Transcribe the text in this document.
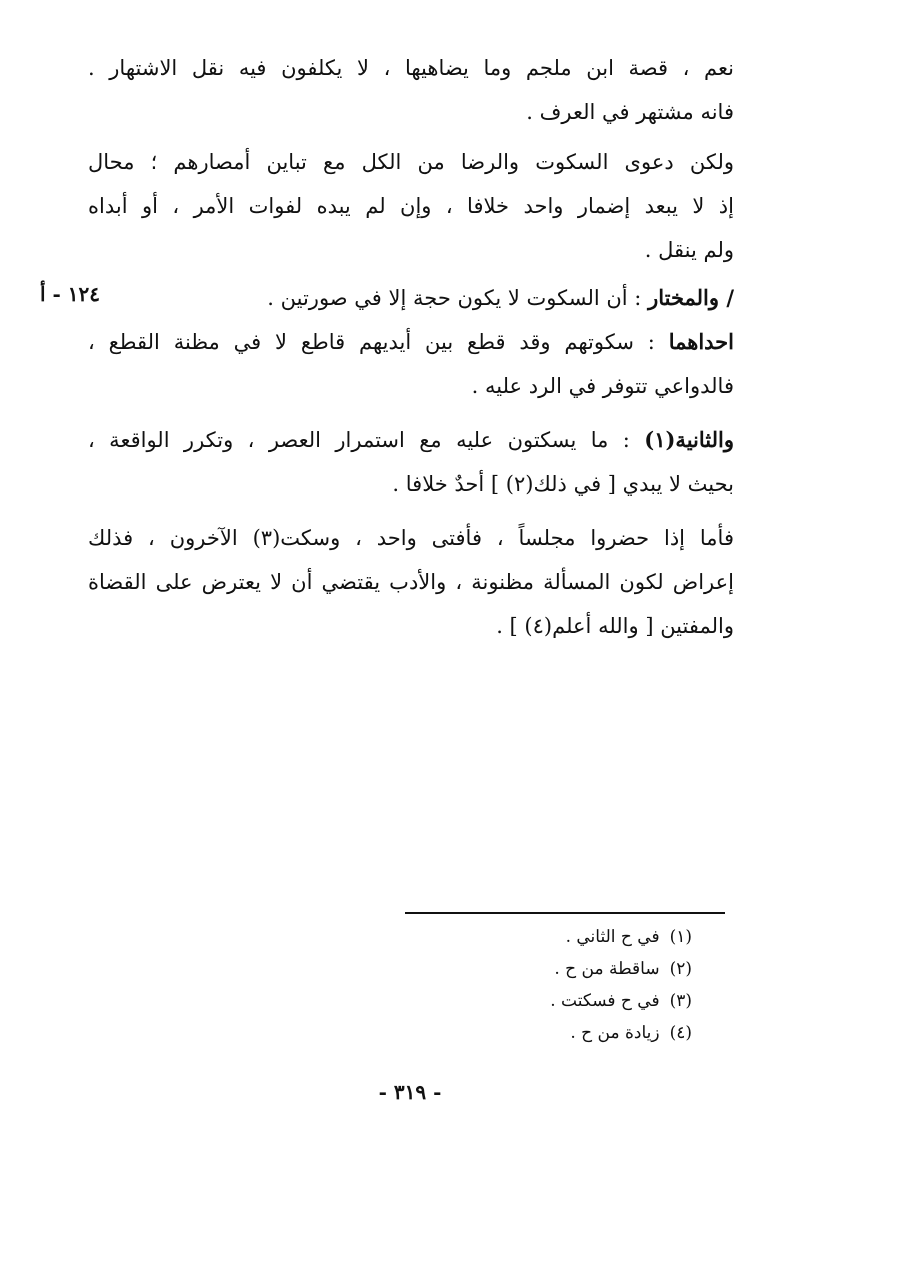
١٢٤ - أ
نعم ، قصة ابن ملجم وما يضاهيها ، لا يكلفون فيه نقل الاشتهار .
فانه مشتهر في العرف .
ولكن دعوى السكوت والرضا من الكل مع تباين أمصارهم ؛ محال
إذ لا يبعد إضمار واحد خلافا ، وإن لم يبده لفوات الأمر ، أو أبداه
ولم ينقل .
/ والمختار : أن السكوت لا يكون حجة إلا في صورتين .
احداهما : سكوتهم وقد قطع بين أيديهم قاطع لا في مظنة القطع ،
فالدواعي تتوفر في الرد عليه .
والثانية(١) : ما يسكتون عليه مع استمرار العصر ، وتكرر الواقعة ،
بحيث لا يبدي [ في ذلك(٢) ] أحدٌ خلافا .
فأما إذا حضروا مجلساً ، فأفتى واحد ، وسكت(٣) الآخرون ، فذلك
إعراض لكون المسألة مظنونة ، والأدب يقتضي أن لا يعترض على القضاة
والمفتين [ والله أعلم(٤) ] .
(١)في ح الثاني .
(٢)ساقطة من ح .
(٣)في ح فسكتت .
(٤)زيادة من ح .
- ٣١٩ -
